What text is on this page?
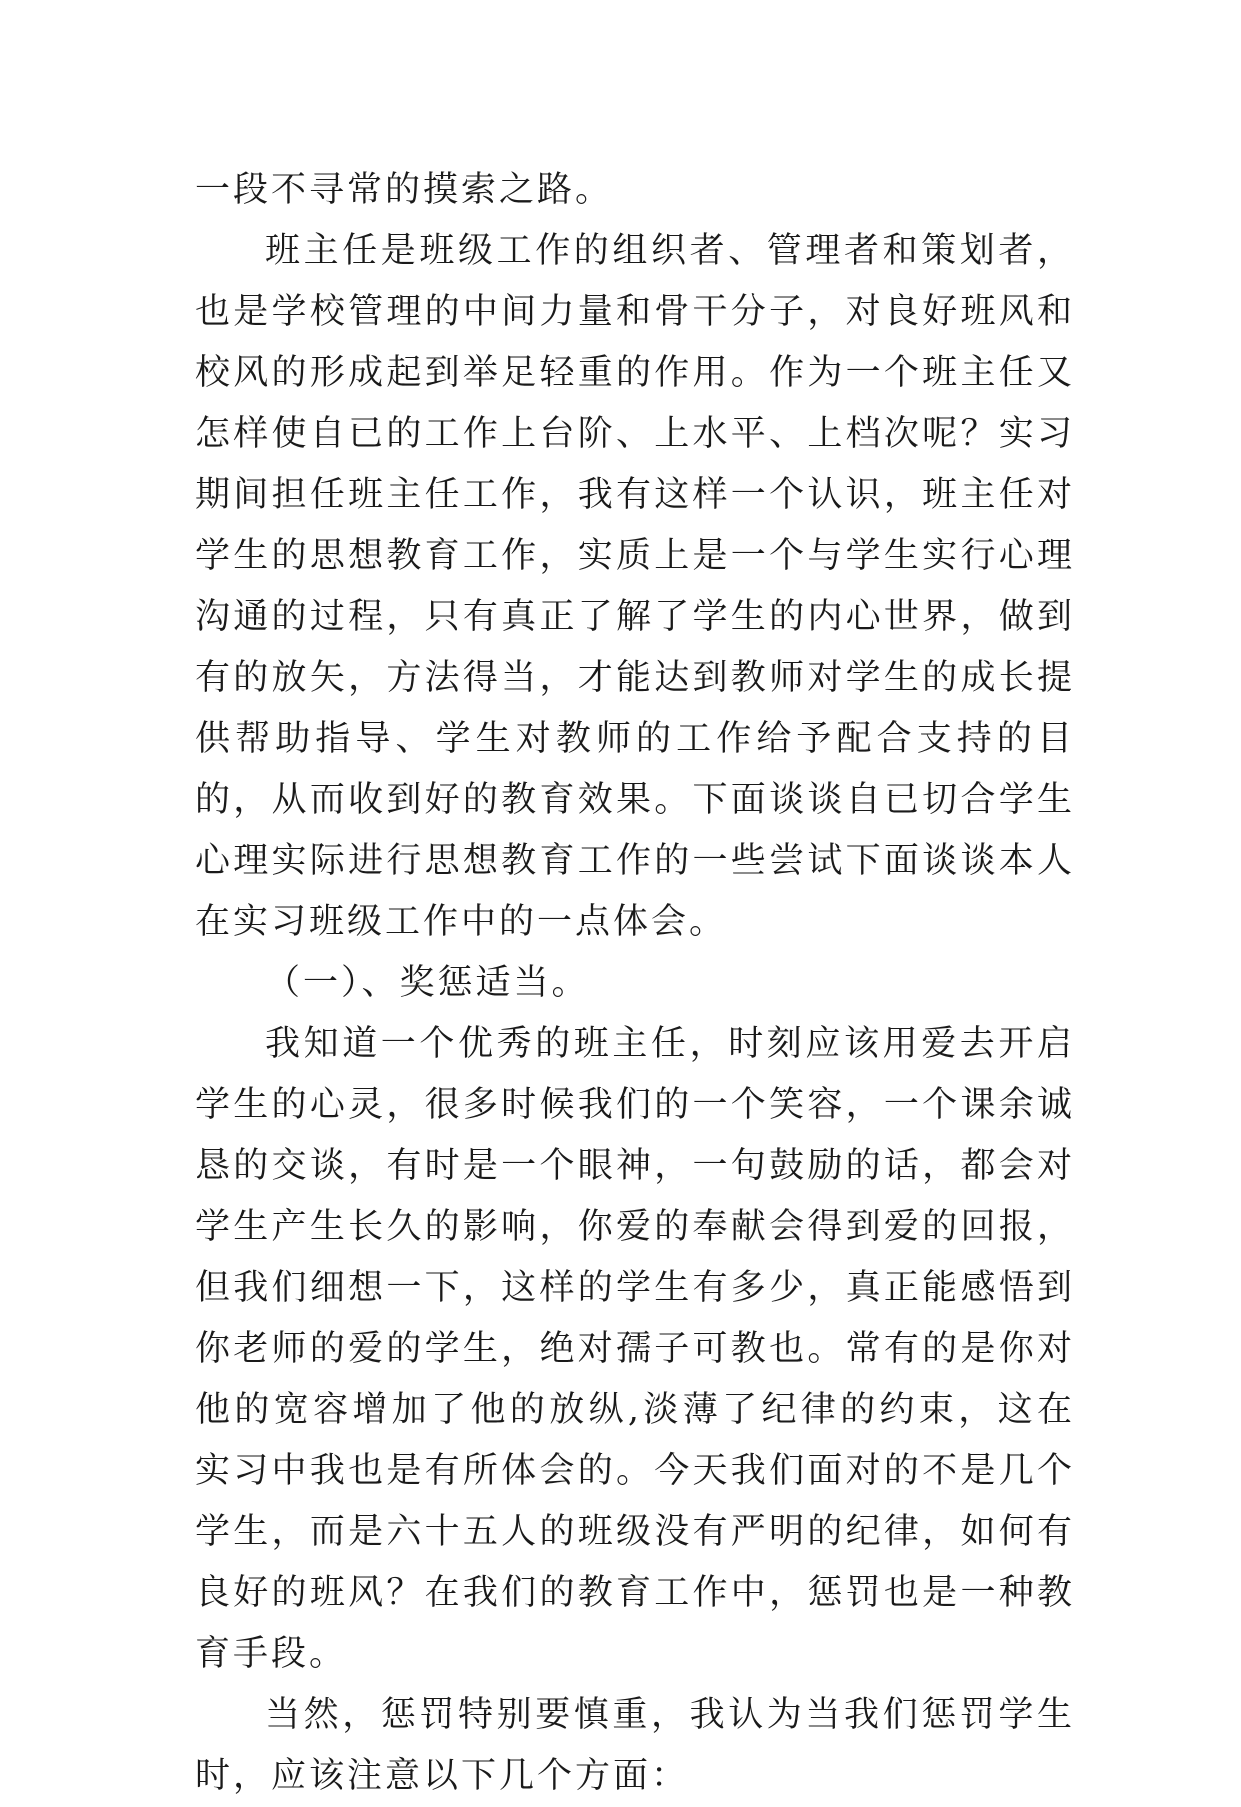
一段不寻常的摸索之路。

班主任是班级工作的组织者、管理者和策划者，也是学校管理的中间力量和骨干分子，对良好班风和校风的形成起到举足轻重的作用。作为一个班主任又怎样使自已的工作上台阶、上水平、上档次呢？实习期间担任班主任工作，我有这样一个认识，班主任对学生的思想教育工作，实质上是一个与学生实行心理沟通的过程，只有真正了解了学生的内心世界，做到有的放矢，方法得当，才能达到教师对学生的成长提供帮助指导、学生对教师的工作给予配合支持的目的，从而收到好的教育效果。下面谈谈自已切合学生心理实际进行思想教育工作的一些尝试下面谈谈本人在实习班级工作中的一点体会。

（一）、奖惩适当。

我知道一个优秀的班主任，时刻应该用爱去开启学生的心灵，很多时候我们的一个笑容，一个课余诚恳的交谈，有时是一个眼神，一句鼓励的话，都会对学生产生长久的影响，你爱的奉献会得到爱的回报，但我们细想一下，这样的学生有多少，真正能感悟到你老师的爱的学生，绝对孺子可教也。常有的是你对他的宽容增加了他的放纵,淡薄了纪律的约束，这在实习中我也是有所体会的。今天我们面对的不是几个学生，而是六十五人的班级没有严明的纪律，如何有良好的班风？在我们的教育工作中，惩罚也是一种教育手段。

当然，惩罚特别要慎重，我认为当我们惩罚学生时，应该注意以下几个方面：
